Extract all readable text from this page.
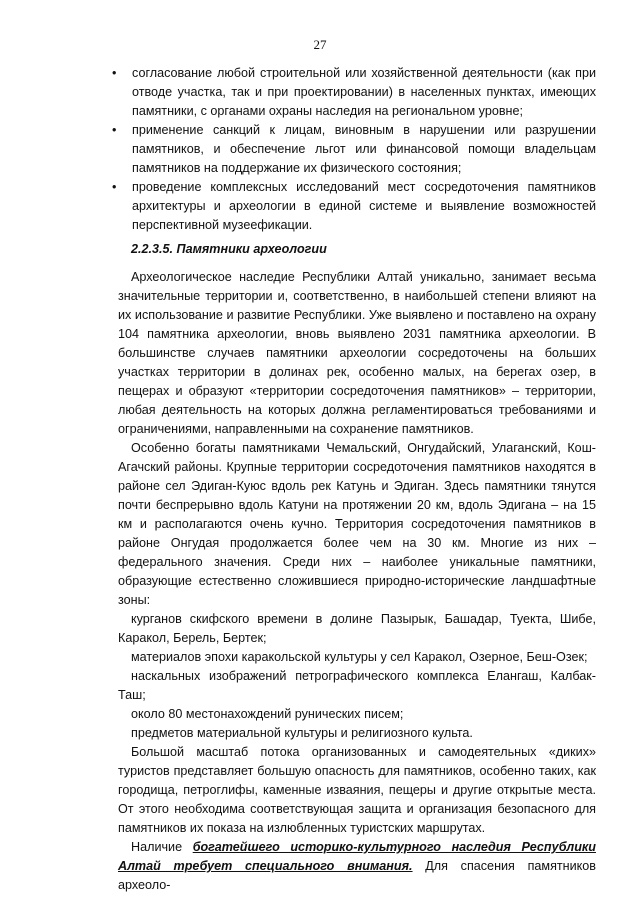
27
• согласование любой строительной или хозяйственной деятельности (как при отводе участка, так и при проектировании) в населенных пунктах, имеющих памятники, с органами охраны наследия на региональном уровне;
• применение санкций к лицам, виновным в нарушении или разрушении памятников, и обеспечение льгот или финансовой помощи владельцам памятников на поддержание их физического состояния;
• проведение комплексных исследований мест сосредоточения памятников архитектуры и археологии в единой системе и выявление возможностей перспективной музеефикации.
2.2.3.5. Памятники археологии

Археологическое наследие Республики Алтай уникально, занимает весьма значительные территории и, соответственно, в наибольшей степени влияют на их использование и развитие Республики. Уже выявлено и поставлено на охрану 104 памятника археологии, вновь выявлено 2031 памятника археологии. В большинстве случаев памятники археологии сосредоточены на больших участках территории в долинах рек, особенно малых, на берегах озер, в пещерах и образуют «территории сосредоточения памятников» – территории, любая деятельность на которых должна регламентироваться требованиями и ограничениями, направленными на сохранение памятников.

Особенно богаты памятниками Чемальский, Онгудайский, Улаганский, Кош-Агачский районы. Крупные территории сосредоточения памятников находятся в районе сел Эдиган-Куюс вдоль рек Катунь и Эдиган. Здесь памятники тянутся почти беспрерывно вдоль Катуни на протяжении 20 км, вдоль Эдигана – на 15 км и располагаются очень кучно. Территория сосредоточения памятников в районе Онгудая продолжается более чем на 30 км. Многие из них – федерального значения. Среди них – наиболее уникальные памятники, образующие естественно сложившиеся природно-исторические ландшафтные зоны:

курганов скифского времени в долине Пазырык, Башадар, Туекта, Шибе, Каракол, Берель, Бертек;

материалов эпохи каракольской культуры у сел Каракол, Озерное, Беш-Озек;

наскальных изображений петрографического комплекса Елангаш, Калбак-Таш;

около 80 местонахождений рунических писем;

предметов материальной культуры и религиозного культа.

Большой масштаб потока организованных и самодеятельных «диких» туристов представляет большую опасность для памятников, особенно таких, как городища, петроглифы, каменные изваяния, пещеры и другие открытые места. От этого необходима соответствующая защита и организация безопасного для памятников их показа на излюбленных туристских маршрутах.

Наличие богатейшего историко-культурного наследия Республики Алтай требует специального внимания. Для спасения памятников археоло-
